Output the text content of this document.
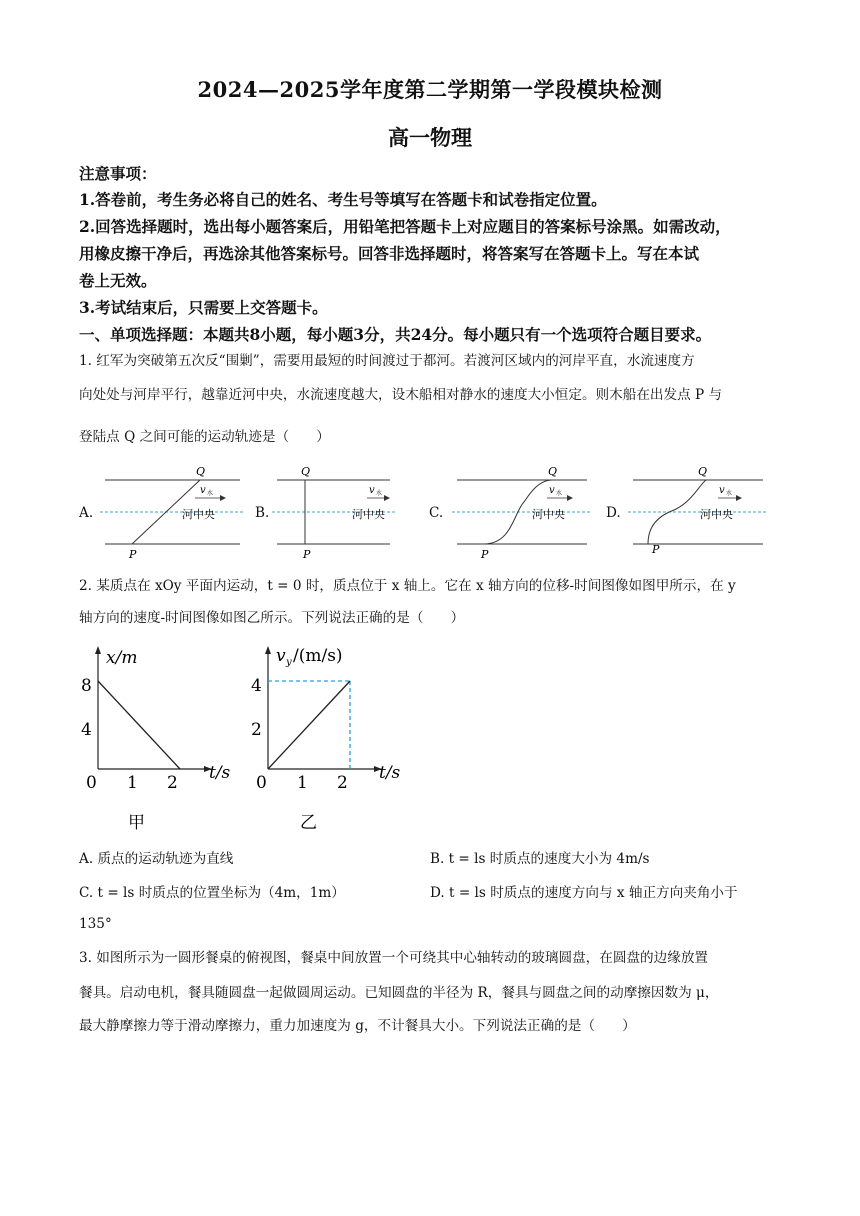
2024—2025学年度第二学期第一学段模块检测
高一物理
注意事项：
1.答卷前，考生务必将自己的姓名、考生号等填写在答题卡和试卷指定位置。
2.回答选择题时，选出每小题答案后，用铅笔把答题卡上对应题目的答案标号涂黑。如需改动，
用橡皮擦干净后，再选涂其他答案标号。回答非选择题时，将答案写在答题卡上。写在本试
卷上无效。
3.考试结束后，只需要上交答题卡。
一、单项选择题：本题共8小题，每小题3分，共24分。每小题只有一个选项符合题目要求。
1. 红军为突破第五次反“围剿”，需要用最短的时间渡过于都河。若渡河区域内的河岸平直，水流速度方
向处处与河岸平行，越靠近河中央，水流速度越大，设木船相对静水的速度大小恒定。则木船在出发点 P 与
登陆点 Q 之间可能的运动轨迹是（　　）
A.	B.	C.	D.
Q
P
v 水
河中央
Q
P
v 水
河中央
Q
P
v 水
河中央
Q
P
v 水
河中央
2. 某质点在 xOy 平面内运动，t = 0 时，质点位于 x 轴上。它在 x 轴方向的位移-时间图像如图甲所示，在 y
轴方向的速度-时间图像如图乙所示。下列说法正确的是（　　）
x/m
t/s
8
4
0 1 2
甲
v y /(m/s)
t/s
4
2
0 1 2
乙
A. 质点的运动轨迹为直线	B. t = ls 时质点的速度大小为 4m/s
C. t = ls 时质点的位置坐标为（4m，1m）	D. t = ls 时质点的速度方向与 x 轴正方向夹角小于
135°
3. 如图所示为一圆形餐桌的俯视图，餐桌中间放置一个可绕其中心轴转动的玻璃圆盘，在圆盘的边缘放置
餐具。启动电机，餐具随圆盘一起做圆周运动。已知圆盘的半径为 R，餐具与圆盘之间的动摩擦因数为 μ，
最大静摩擦力等于滑动摩擦力，重力加速度为 g，不计餐具大小。下列说法正确的是（　　）
